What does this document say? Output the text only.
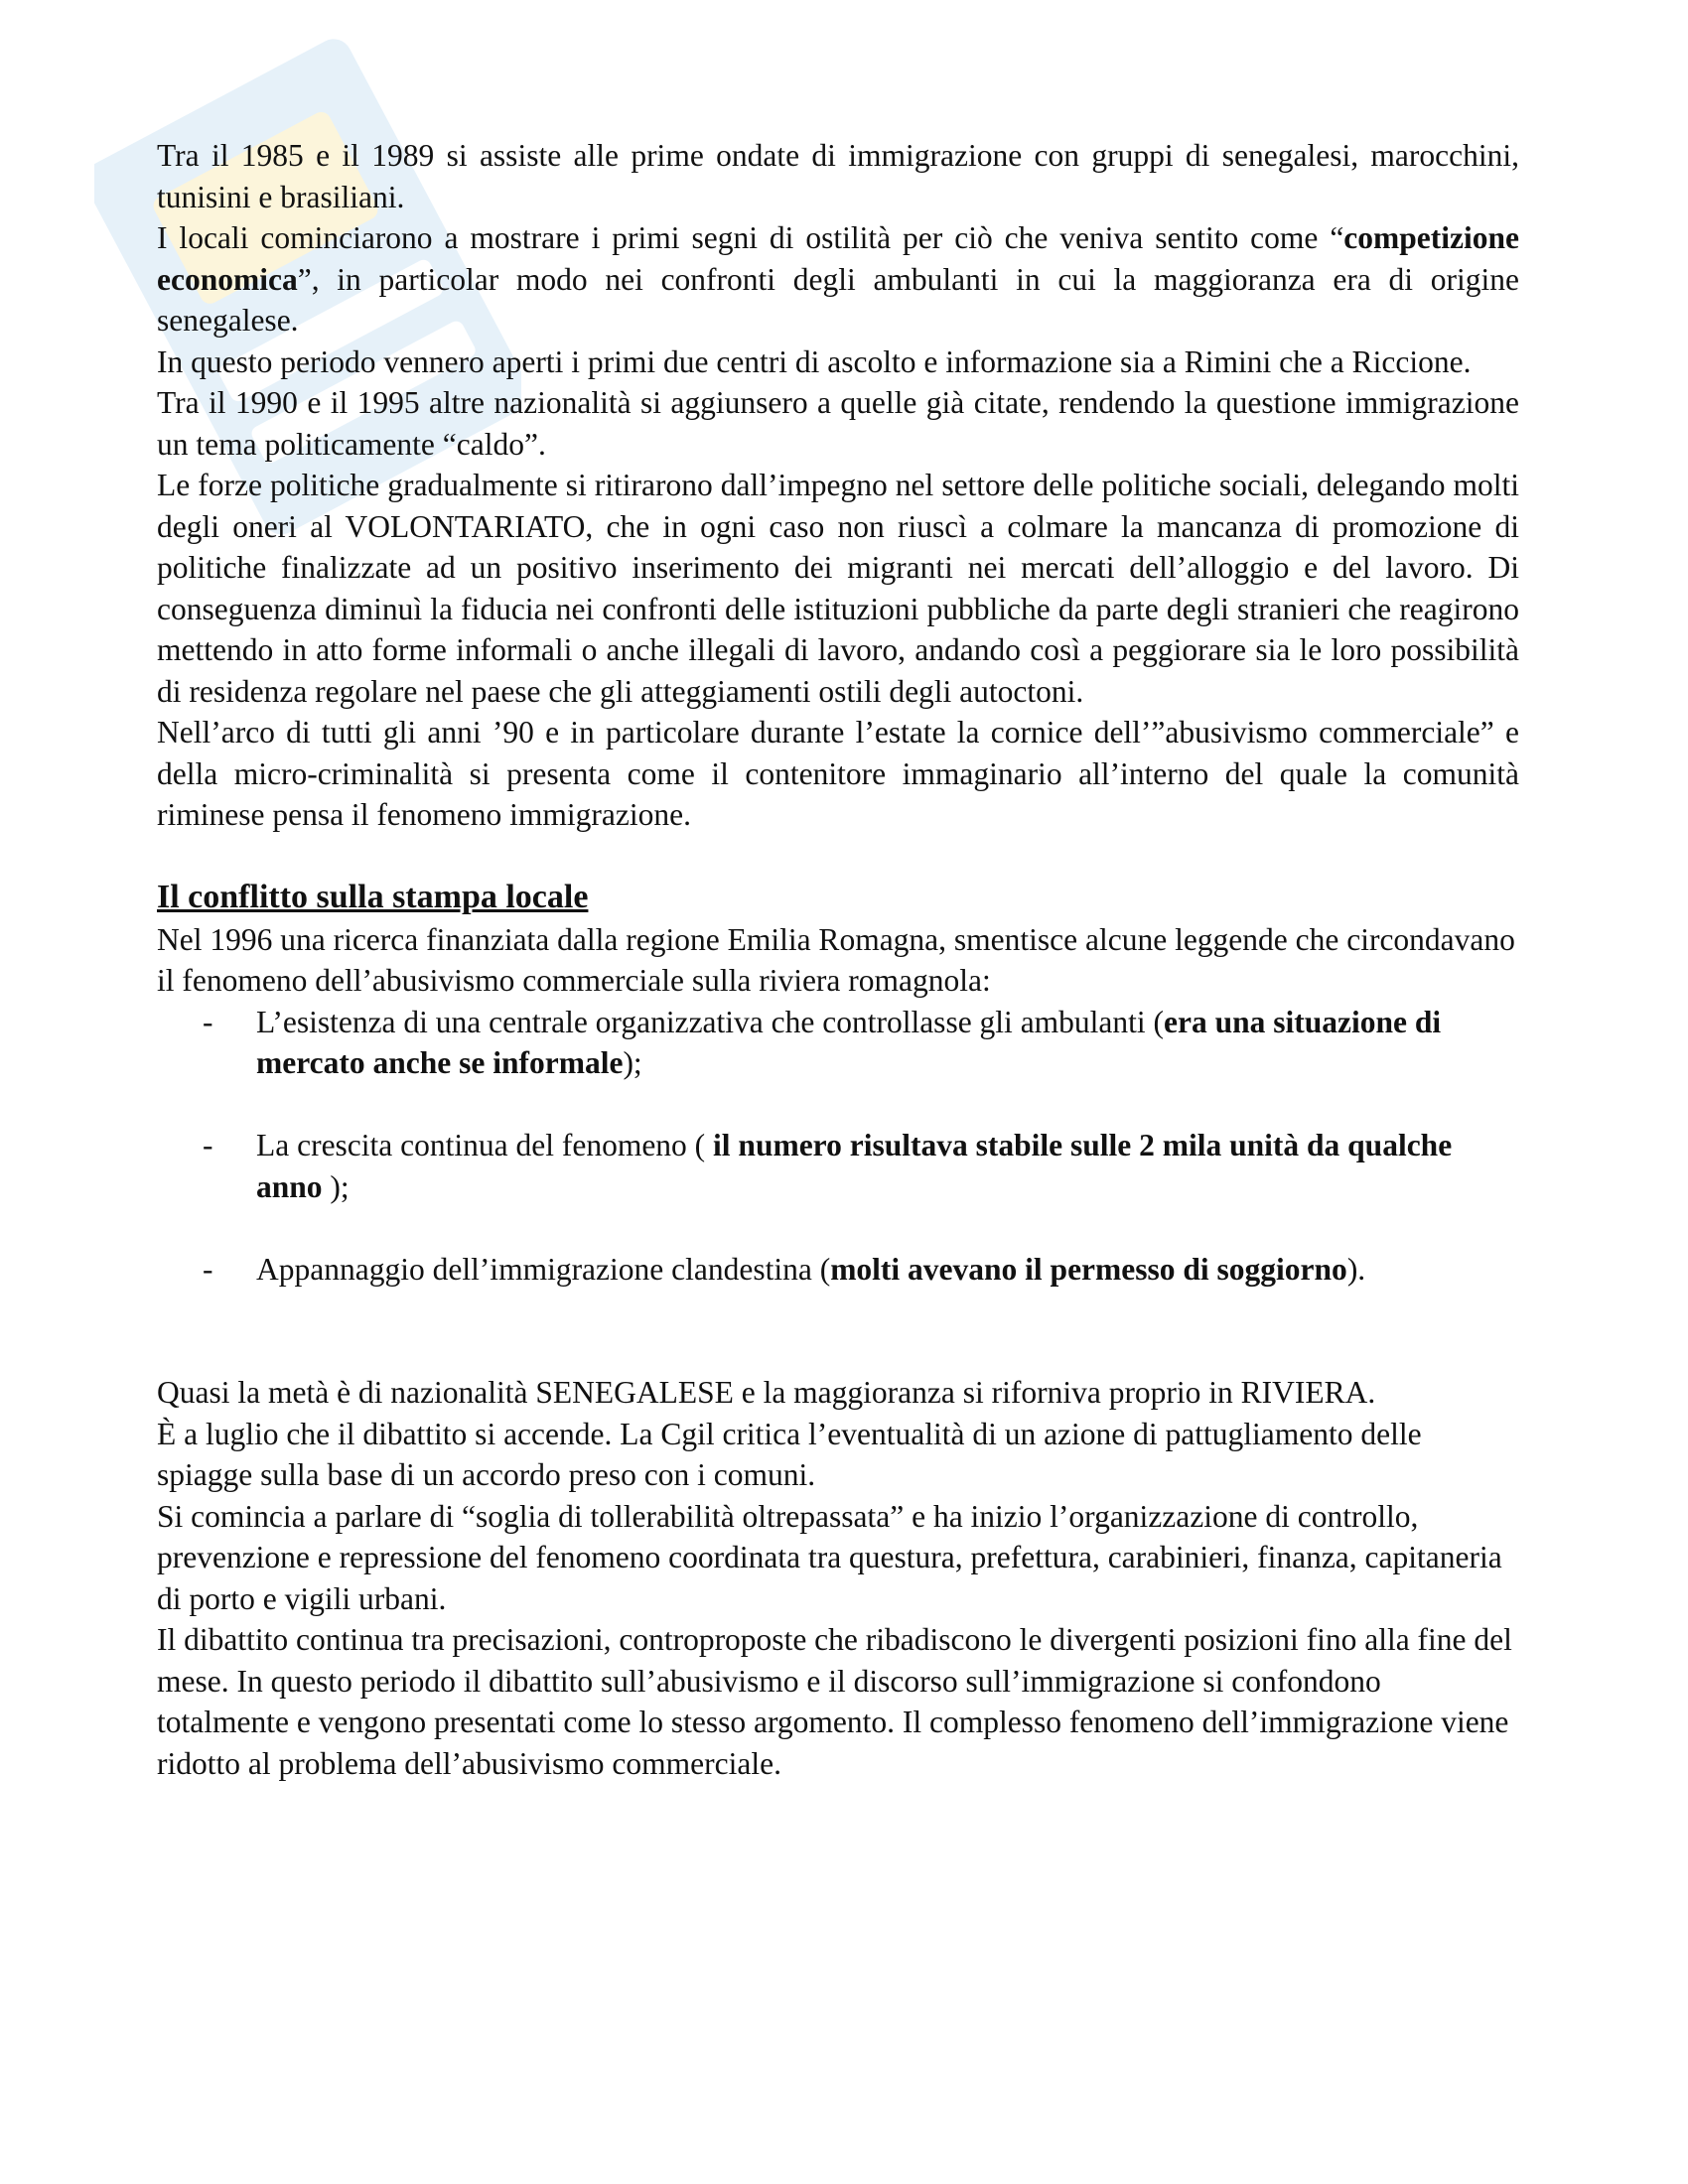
Tra il 1985 e il 1989 si assiste alle prime ondate di immigrazione con gruppi di senegalesi, marocchini, tunisini e brasiliani.

I locali cominciarono a mostrare i primi segni di ostilità per ciò che veniva sentito come “competizione economica”, in particolar modo nei confronti degli ambulanti in cui la maggioranza era di origine senegalese.

In questo periodo vennero aperti i primi due centri di ascolto e informazione sia a Rimini che a Riccione.

Tra il 1990 e il 1995 altre nazionalità si aggiunsero a quelle già citate, rendendo la questione immigrazione un tema politicamente “caldo”.

Le forze politiche gradualmente si ritirarono dall’impegno nel settore delle politiche sociali, delegando molti degli oneri al VOLONTARIATO, che in ogni caso non riuscì a colmare la mancanza di promozione di politiche finalizzate ad un positivo inserimento dei migranti nei mercati dell’alloggio e del lavoro. Di conseguenza diminuì la fiducia nei confronti delle istituzioni pubbliche da parte degli stranieri che reagirono mettendo in atto forme informali o anche illegali di lavoro, andando così a peggiorare sia le loro possibilità di residenza regolare nel paese che gli atteggiamenti ostili degli autoctoni.

Nell’arco di tutti gli anni ’90 e in particolare durante l’estate la cornice dell’”abusivismo commerciale” e della micro-criminalità si presenta come il contenitore immaginario all’interno del quale la comunità riminese pensa il fenomeno immigrazione.

Il conflitto sulla stampa locale

Nel 1996 una ricerca finanziata dalla regione Emilia Romagna, smentisce alcune leggende che circondavano il fenomeno dell’abusivismo commerciale sulla riviera romagnola:

- L’esistenza di una centrale organizzativa che controllasse gli ambulanti (era una situazione di mercato anche se informale);
- La crescita continua del fenomeno ( il numero risultava stabile sulle 2 mila unità da qualche anno );
- Appannaggio dell’immigrazione clandestina (molti avevano il permesso di soggiorno).

Quasi la metà è di nazionalità SENEGALESE e la maggioranza si riforniva proprio in RIVIERA.

È a luglio che il dibattito si accende. La Cgil critica l’eventualità di un azione di pattugliamento delle spiagge sulla base di un accordo preso con i comuni.

Si comincia a parlare di “soglia di tollerabilità oltrepassata” e ha inizio l’organizzazione di controllo, prevenzione e repressione del fenomeno coordinata tra questura, prefettura, carabinieri, finanza, capitaneria di porto e vigili urbani.

Il dibattito continua tra precisazioni, controproposte che ribadiscono le divergenti posizioni fino alla fine del mese. In questo periodo il dibattito sull’abusivismo e il discorso sull’immigrazione si confondono totalmente e vengono presentati come lo stesso argomento. Il complesso fenomeno dell’immigrazione viene ridotto al problema dell’abusivismo commerciale.
